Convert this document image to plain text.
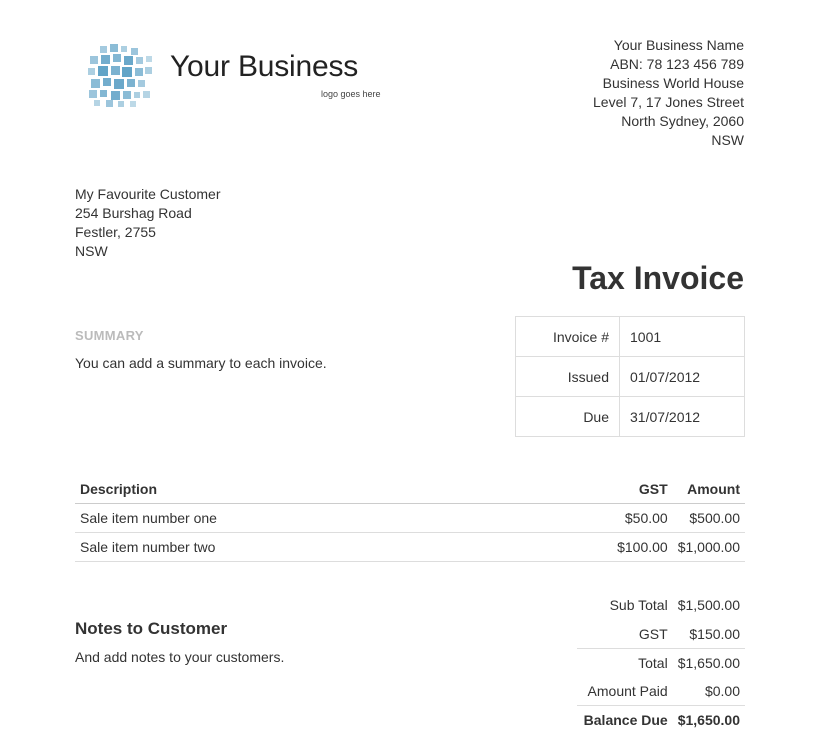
Your Business
logo goes here
Your Business Name
ABN: 78 123 456 789
Business World House
Level 7, 17 Jones Street
North Sydney, 2060
NSW
My Favourite Customer
254 Burshag Road
Festler, 2755
NSW
Tax Invoice
SUMMARY
You can add a summary to each invoice.
Invoice #	1001
Issued	01/07/2012
Due	31/07/2012
Description	GST	Amount
Sale item number one	$50.00	$500.00
Sale item number two	$100.00	$1,000.00
Notes to Customer
And add notes to your customers.
Sub Total	$1,500.00
GST	$150.00
Total	$1,650.00
Amount Paid	$0.00
Balance Due	$1,650.00
